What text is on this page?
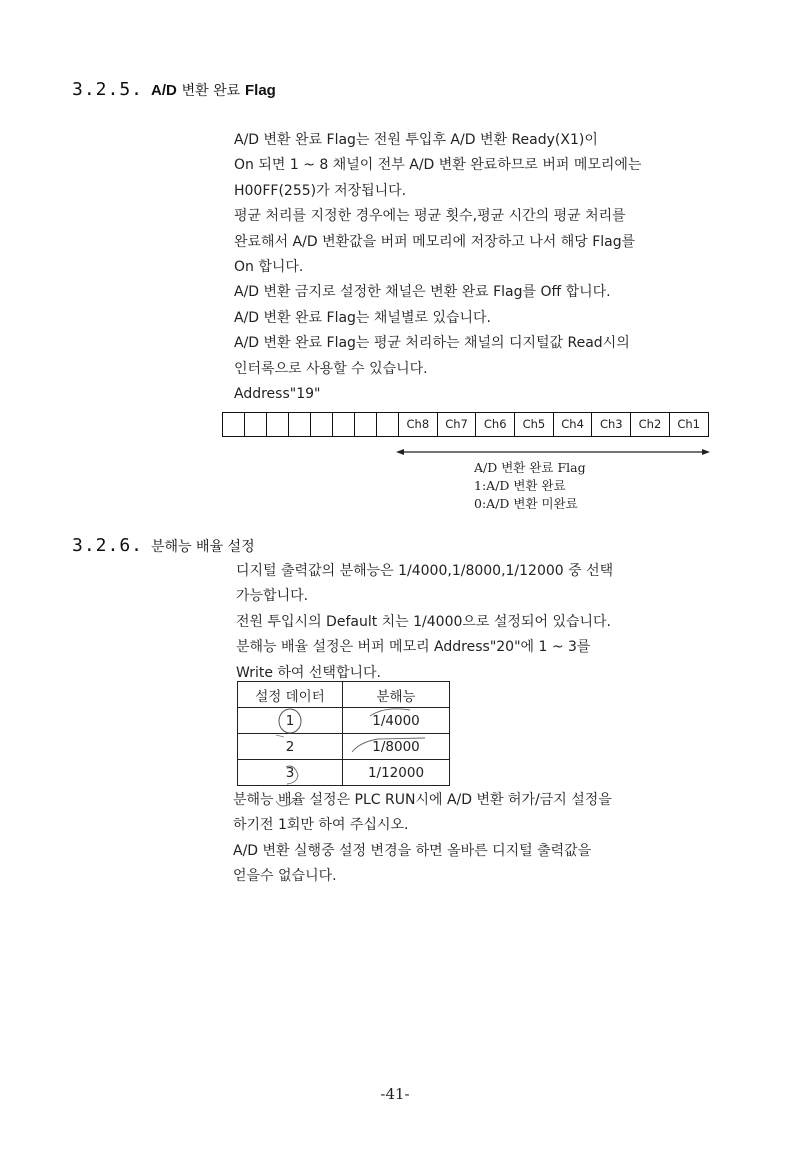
3.2.5. A/D 변환 완료 Flag
A/D 변환 완료 Flag는 전원 투입후 A/D 변환 Ready(X1)이
On 되면 1 ~ 8 채널이 전부 A/D 변환 완료하므로 버퍼 메모리에는
H00FF(255)가 저장됩니다.
평균 처리를 지정한 경우에는 평균 횟수,평균 시간의 평균 처리를
완료해서 A/D 변환값을 버퍼 메모리에 저장하고 나서 해당 Flag를
On 합니다.
A/D 변환 금지로 설정한 채널은 변환 완료 Flag를 Off 합니다.
A/D 변환 완료 Flag는 채널별로 있습니다.
A/D 변환 완료 Flag는 평균 처리하는 채널의 디지털값 Read시의
인터록으로 사용할 수 있습니다.
Address"19"
Ch8	Ch7	Ch6	Ch5	Ch4	Ch3	Ch2	Ch1
A/D 변환 완료 Flag
1:A/D 변환 완료
0:A/D 변환 미완료
3.2.6. 분해능 배율 설정
디지털 출력값의 분해능은 1/4000,1/8000,1/12000 중 선택
가능합니다.
전원 투입시의 Default 치는 1/4000으로 설정되어 있습니다.
분해능 배율 설정은 버퍼 메모리 Address"20"에 1 ~ 3를
Write 하여 선택합니다.
설정 데이터	분해능
1	1/4000
2	1/8000
3	1/12000
분해능 배율 설정은 PLC RUN시에 A/D 변환 허가/금지 설정을
하기전 1회만 하여 주십시오.
A/D 변환 실행중 설정 변경을 하면 올바른 디지털 출력값을
얻을수 없습니다.
-41-
